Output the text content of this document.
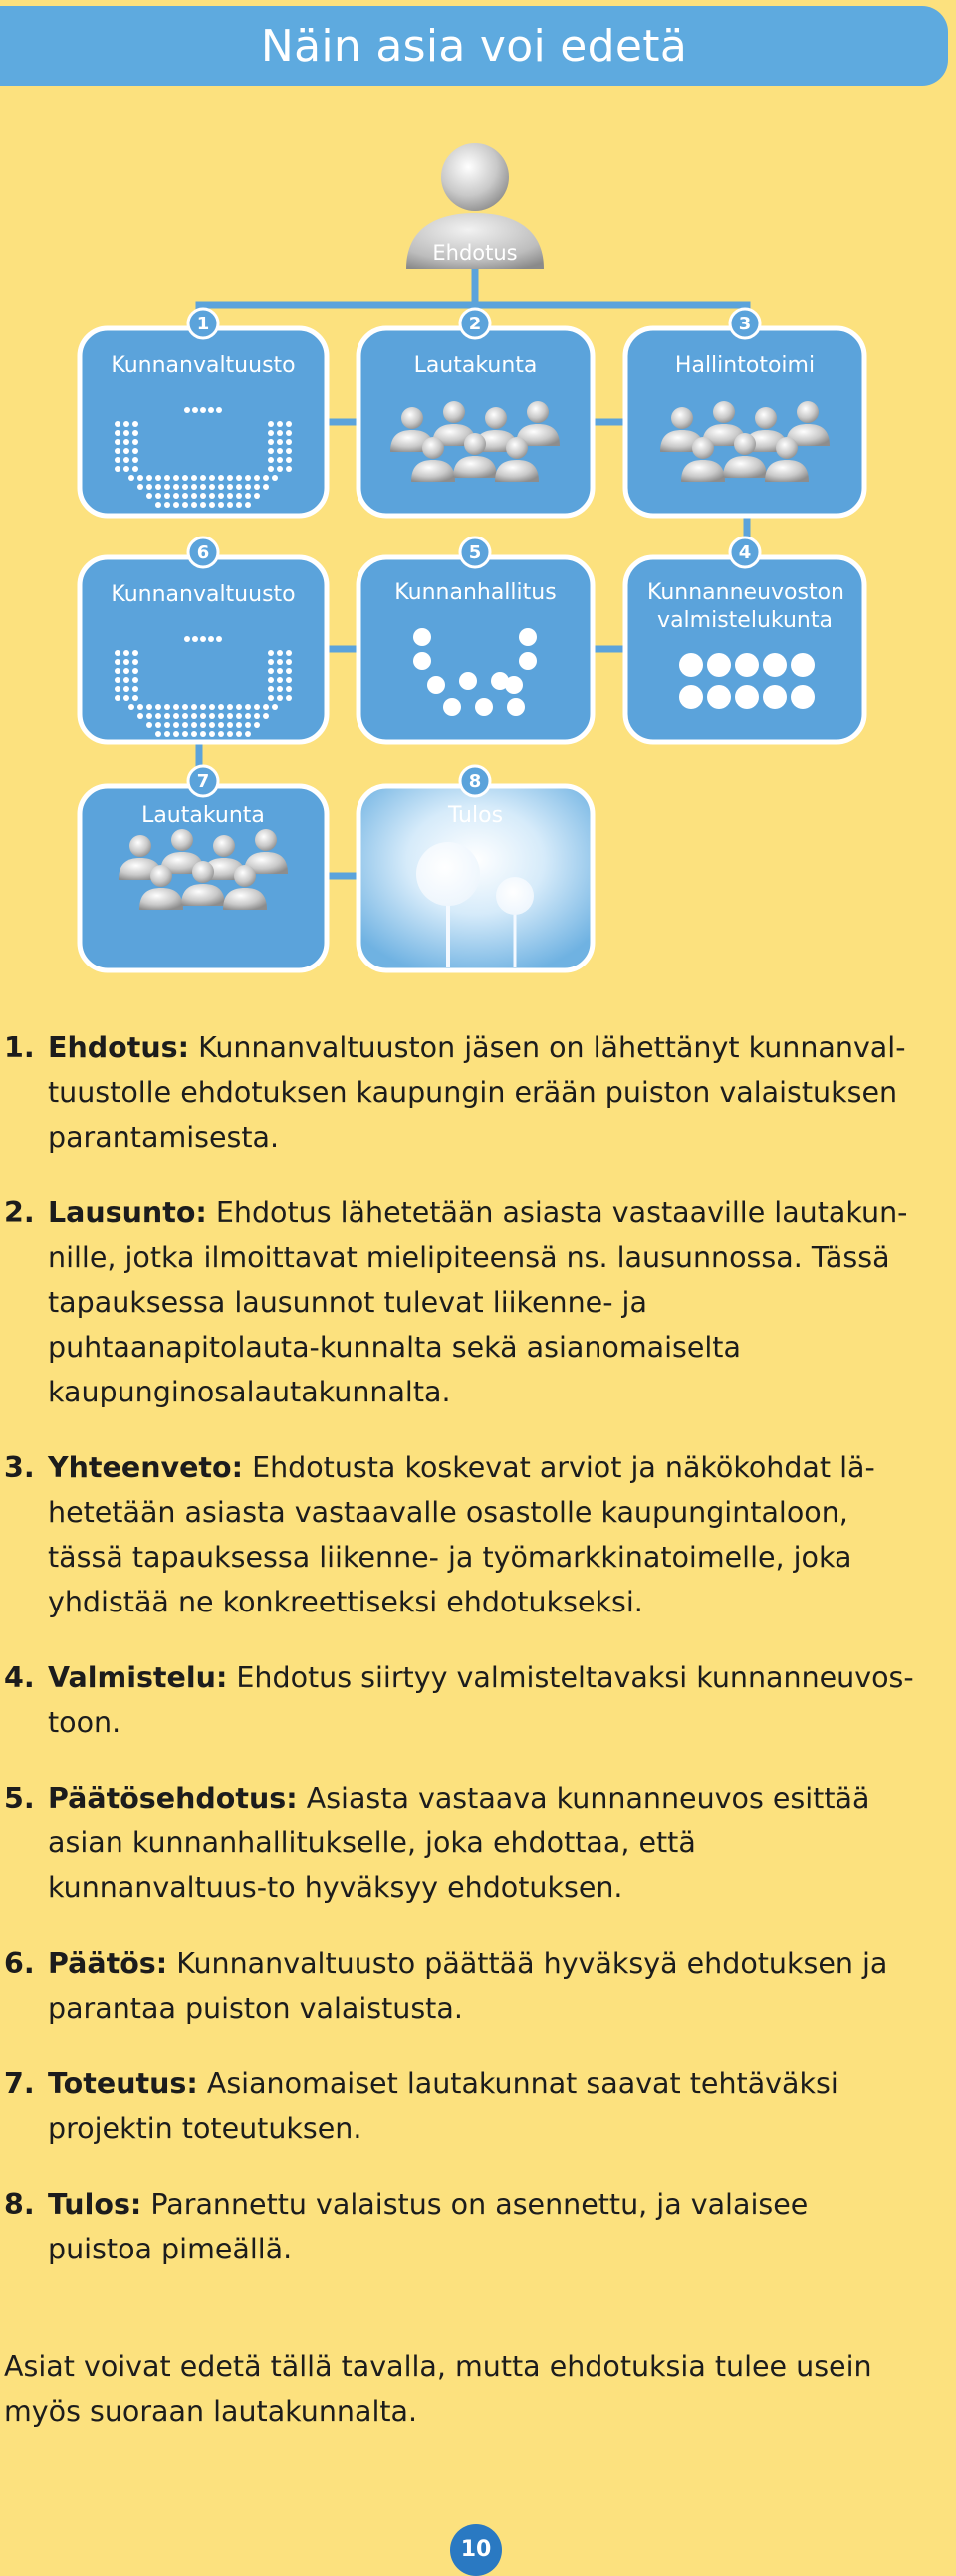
Näin asia voi edetä
1	2	3
4
5
6
7	8
Ehdotus
Kunnanvaltuusto	Lautakunta	Hallintotoimi
Kunnanneuvoston valmistelukunta
Kunnanhallitus
Kunnanvaltuusto
Lautakunta	Tulos
1. Ehdotus: Kunnanvaltuuston jäsen on lähettänyt kunnanval-tuustolle ehdotuksen kaupungin erään puiston valaistuksen parantamisesta.
2. Lausunto: Ehdotus lähetetään asiasta vastaaville lautakun-nille, jotka ilmoittavat mielipiteensä ns. lausunnossa. Tässä tapauksessa lausunnot tulevat liikenne- ja puhtaanapitolauta-kunnalta sekä asianomaiselta kaupunginosalautakunnalta.
3. Yhteenveto: Ehdotusta koskevat arviot ja näkökohdat lä-hetetään asiasta vastaavalle osastolle kaupungintaloon, tässä tapauksessa liikenne- ja työmarkkinatoimelle, joka yhdistää ne konkreettiseksi ehdotukseksi.
4. Valmistelu: Ehdotus siirtyy valmisteltavaksi kunnanneuvos-toon.
5. Päätösehdotus: Asiasta vastaava kunnanneuvos esittää asian kunnanhallitukselle, joka ehdottaa, että kunnanvaltuus-to hyväksyy ehdotuksen.
6. Päätös: Kunnanvaltuusto päättää hyväksyä ehdotuksen ja parantaa puiston valaistusta.
7. Toteutus: Asianomaiset lautakunnat saavat tehtäväksi projektin toteutuksen.
8. Tulos: Parannettu valaistus on asennettu, ja valaisee puistoa pimeällä.
Asiat voivat edetä tällä tavalla, mutta ehdotuksia tulee usein myös suoraan lautakunnalta.
10
